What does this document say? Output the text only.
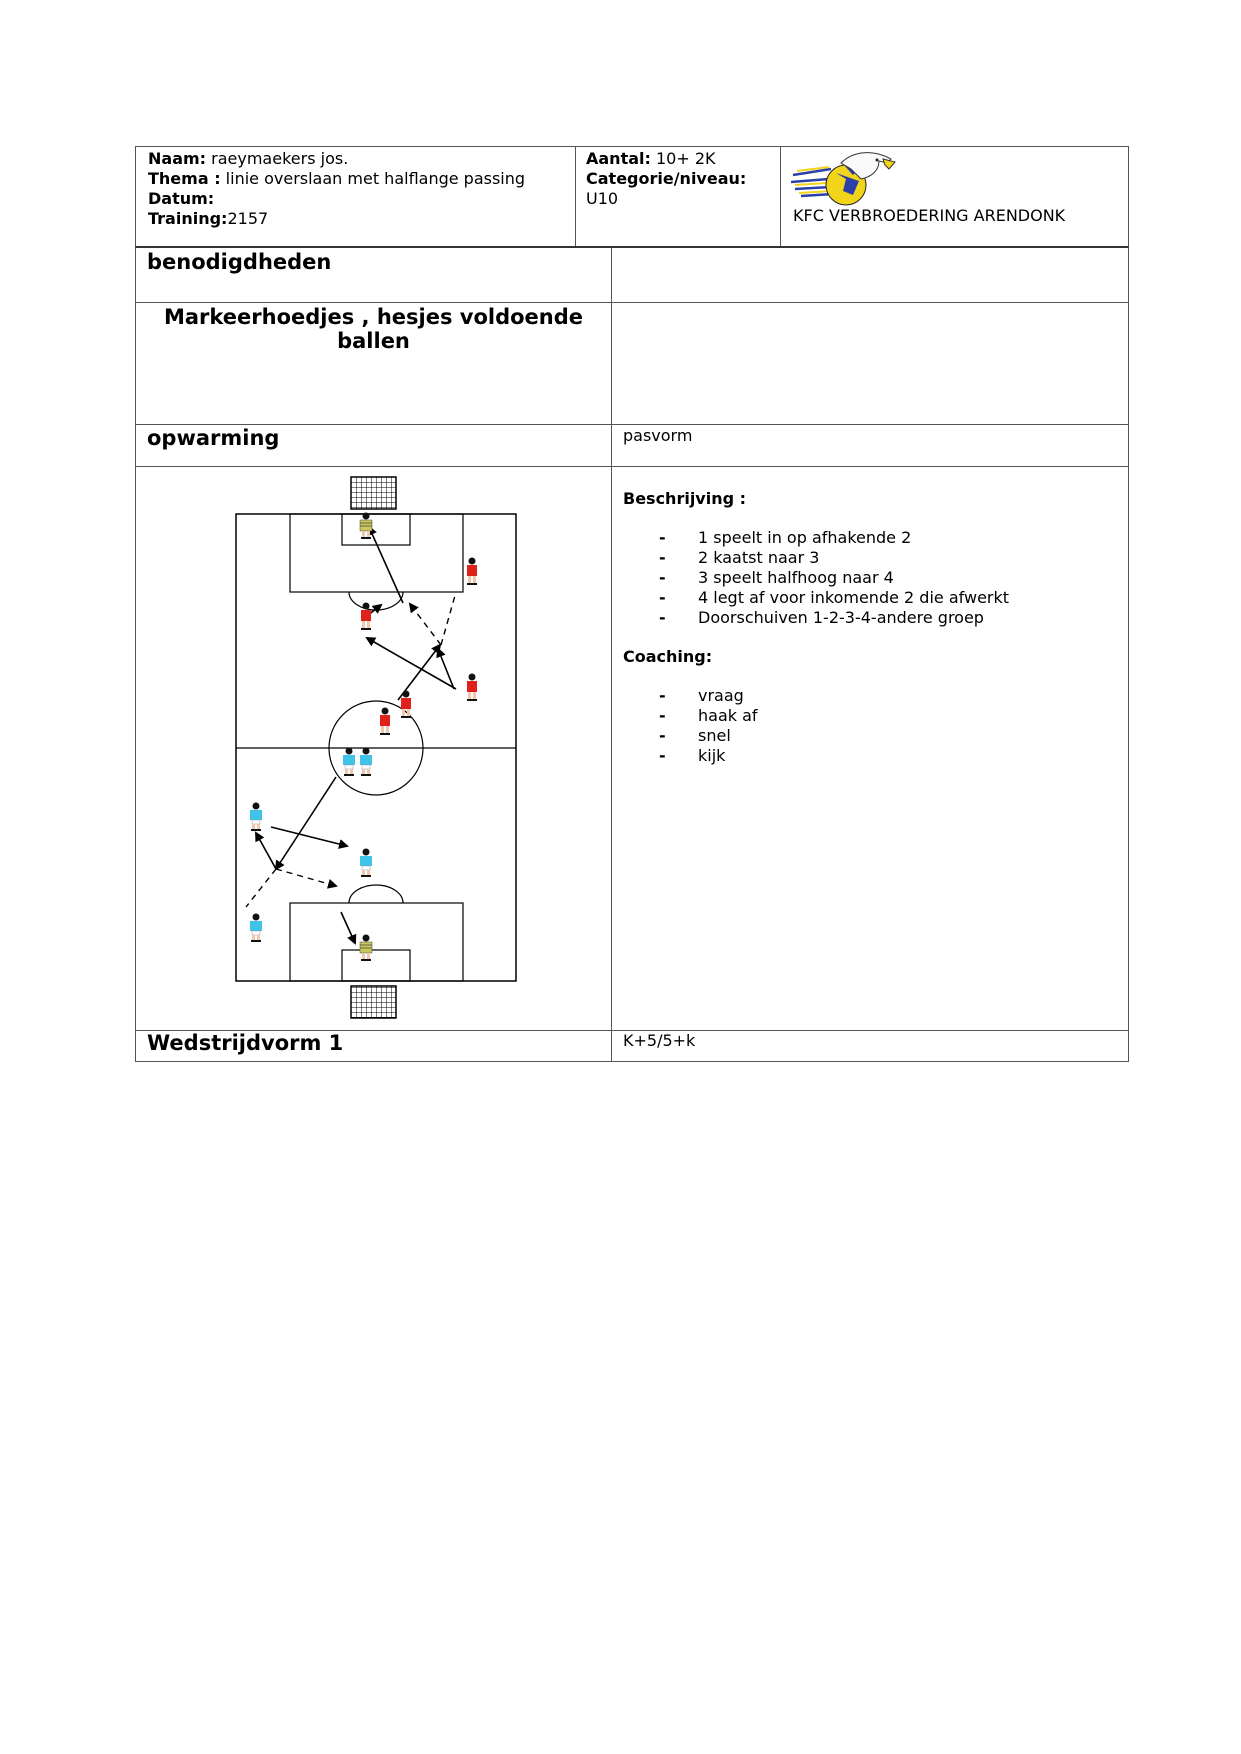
Naam: raeymaekers jos.
Thema : linie overslaan met halflange passing
Datum:
Training:2157
Aantal: 10+ 2K
Categorie/niveau:
U10
KFC VERBROEDERING ARENDONK
benodigdheden
Markeerhoedjes , hesjes voldoende
ballen
opwarming	pasvorm
Beschrijving :
- 1 speelt in op afhakende 2
- 2 kaatst naar 3
- 3 speelt halfhoog naar 4
- 4 legt af voor inkomende 2 die afwerkt
- Doorschuiven 1-2-3-4-andere groep
Coaching:
- vraag
- haak af
- snel
- kijk
Wedstrijdvorm 1	K+5/5+k
